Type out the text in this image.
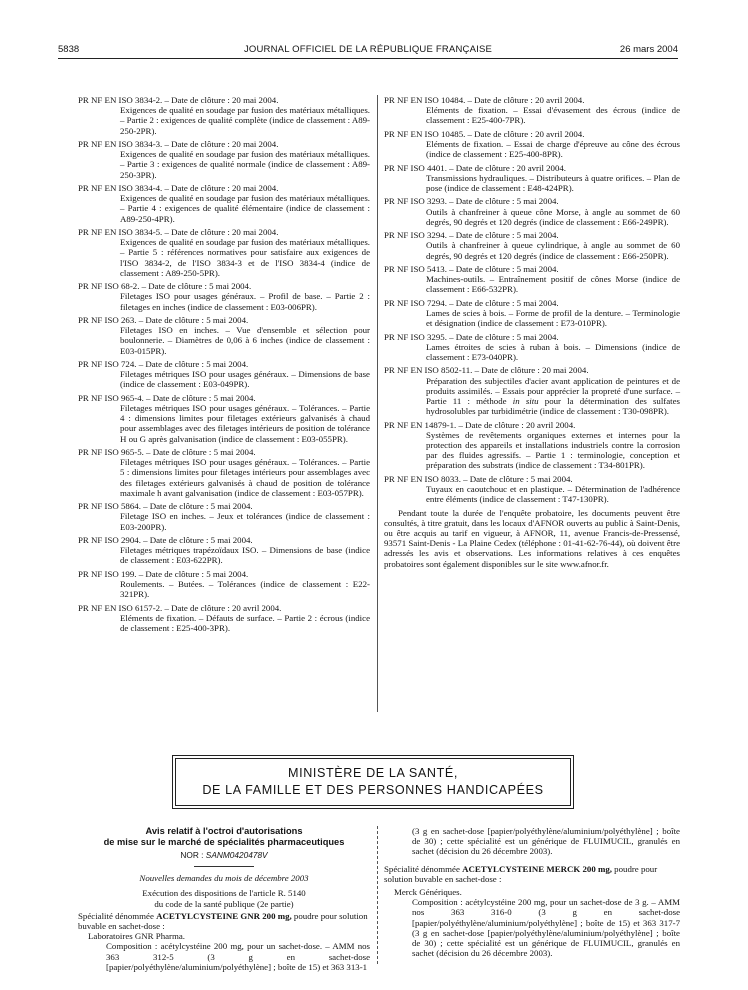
5838	JOURNAL OFFICIEL DE LA RÉPUBLIQUE FRANÇAISE	26 mars 2004
PR NF EN ISO 3834-2. – Date de clôture : 20 mai 2004.
Exigences de qualité en soudage par fusion des matériaux métalliques. – Partie 2 : exigences de qualité complète (indice de classement : A89-250-2PR).
PR NF EN ISO 3834-3. – Date de clôture : 20 mai 2004.
Exigences de qualité en soudage par fusion des matériaux métalliques. – Partie 3 : exigences de qualité normale (indice de classement : A89-250-3PR).
PR NF EN ISO 3834-4. – Date de clôture : 20 mai 2004.
Exigences de qualité en soudage par fusion des matériaux métalliques. – Partie 4 : exigences de qualité élémentaire (indice de classement : A89-250-4PR).
PR NF EN ISO 3834-5. – Date de clôture : 20 mai 2004.
Exigences de qualité en soudage par fusion des matériaux métalliques. – Partie 5 : références normatives pour satisfaire aux exigences de l'ISO 3834-2, de l'ISO 3834-3 et de l'ISO 3834-4 (indice de classement : A89-250-5PR).
PR NF ISO 68-2. – Date de clôture : 5 mai 2004.
Filetages ISO pour usages généraux. – Profil de base. – Partie 2 : filetages en inches (indice de classement : E03-006PR).
PR NF ISO 263. – Date de clôture : 5 mai 2004.
Filetages ISO en inches. – Vue d'ensemble et sélection pour boulonnerie. – Diamètres de 0,06 à 6 inches (indice de classement : E03-015PR).
PR NF ISO 724. – Date de clôture : 5 mai 2004.
Filetages métriques ISO pour usages généraux. – Dimensions de base (indice de classement : E03-049PR).
PR NF ISO 965-4. – Date de clôture : 5 mai 2004.
Filetages métriques ISO pour usages généraux. – Tolérances. – Partie 4 : dimensions limites pour filetages extérieurs galvanisés à chaud pour assemblages avec des filetages intérieurs de position de tolérance H ou G après galvanisation (indice de classement : E03-055PR).
PR NF ISO 965-5. – Date de clôture : 5 mai 2004.
Filetages métriques ISO pour usages généraux. – Tolérances. – Partie 5 : dimensions limites pour filetages intérieurs pour assemblages avec des filetages extérieurs galvanisés à chaud de position de tolérance maximale h avant galvanisation (indice de classement : E03-057PR).
PR NF ISO 5864. – Date de clôture : 5 mai 2004.
Filetage ISO en inches. – Jeux et tolérances (indice de classement : E03-200PR).
PR NF ISO 2904. – Date de clôture : 5 mai 2004.
Filetages métriques trapézoïdaux ISO. – Dimensions de base (indice de classement : E03-622PR).
PR NF ISO 199. – Date de clôture : 5 mai 2004.
Roulements. – Butées. – Tolérances (indice de classement : E22-321PR).
PR NF EN ISO 6157-2. – Date de clôture : 20 avril 2004.
Eléments de fixation. – Défauts de surface. – Partie 2 : écrous (indice de classement : E25-400-3PR).
PR NF EN ISO 10484. – Date de clôture : 20 avril 2004.
Eléments de fixation. – Essai d'évasement des écrous (indice de classement : E25-400-7PR).
PR NF EN ISO 10485. – Date de clôture : 20 avril 2004.
Eléments de fixation. – Essai de charge d'épreuve au cône des écrous (indice de classement : E25-400-8PR).
PR NF ISO 4401. – Date de clôture : 20 avril 2004.
Transmissions hydrauliques. – Distributeurs à quatre orifices. – Plan de pose (indice de classement : E48-424PR).
PR NF ISO 3293. – Date de clôture : 5 mai 2004.
Outils à chanfreiner à queue cône Morse, à angle au sommet de 60 degrés, 90 degrés et 120 degrés (indice de classement : E66-249PR).
PR NF ISO 3294. – Date de clôture : 5 mai 2004.
Outils à chanfreiner à queue cylindrique, à angle au sommet de 60 degrés, 90 degrés et 120 degrés (indice de classement : E66-250PR).
PR NF ISO 5413. – Date de clôture : 5 mai 2004.
Machines-outils. – Entraînement positif de cônes Morse (indice de classement : E66-532PR).
PR NF ISO 7294. – Date de clôture : 5 mai 2004.
Lames de scies à bois. – Forme de profil de la denture. – Terminologie et désignation (indice de classement : E73-010PR).
PR NF ISO 3295. – Date de clôture : 5 mai 2004.
Lames étroites de scies à ruban à bois. – Dimensions (indice de classement : E73-040PR).
PR NF EN ISO 8502-11. – Date de clôture : 20 mai 2004.
Préparation des subjectiles d'acier avant application de peintures et de produits assimilés. – Essais pour apprécier la propreté d'une surface. – Partie 11 : méthode in situ pour la détermination des sulfates hydrosolubles par turbidimétrie (indice de classement : T30-098PR).
PR NF EN 14879-1. – Date de clôture : 20 avril 2004.
Systèmes de revêtements organiques externes et internes pour la protection des appareils et installations industriels contre la corrosion par des fluides agressifs. – Partie 1 : terminologie, conception et préparation des substrats (indice de classement : T34-801PR).
PR NF EN ISO 8033. – Date de clôture : 5 mai 2004.
Tuyaux en caoutchouc et en plastique. – Détermination de l'adhérence entre éléments (indice de classement : T47-130PR).
Pendant toute la durée de l'enquête probatoire, les documents peuvent être consultés, à titre gratuit, dans les locaux d'AFNOR ouverts au public à Saint-Denis, ou être acquis au tarif en vigueur, à AFNOR, 11, avenue Francis-de-Pressensé, 93571 Saint-Denis - La Plaine Cedex (téléphone : 01-41-62-76-44), où doivent être adressés les avis et observations. Les informations relatives à ces enquêtes probatoires sont également disponibles sur le site www.afnor.fr.
MINISTÈRE DE LA SANTÉ,
DE LA FAMILLE ET DES PERSONNES HANDICAPÉES
Avis relatif à l'octroi d'autorisations
de mise sur le marché de spécialités pharmaceutiques
NOR : SANM0420478V
Nouvelles demandes du mois de décembre 2003
Exécution des dispositions de l'article R. 5140
du code de la santé publique (2e partie)
Spécialité dénommée ACETYLCYSTEINE GNR 200 mg, poudre pour solution buvable en sachet-dose :
Laboratoires GNR Pharma.
Composition : acétylcystéine 200 mg, pour un sachet-dose. – AMM nos 363 312-5 (3 g en sachet-dose [papier/polyéthylène/aluminium/polyéthylène] ; boîte de 15) et 363 313-1
(3 g en sachet-dose [papier/polyéthylène/aluminium/polyéthylène] ; boîte de 30) ; cette spécialité est un générique de FLUIMUCIL, granulés en sachet (décision du 26 décembre 2003).
Spécialité dénommée ACETYLCYSTEINE MERCK 200 mg, poudre pour solution buvable en sachet-dose :
Merck Génériques.
Composition : acétylcystéine 200 mg, pour un sachet-dose de 3 g. – AMM nos 363 316-0 (3 g en sachet-dose [papier/polyéthylène/aluminium/polyéthylène] ; boîte de 15) et 363 317-7 (3 g en sachet-dose [papier/polyéthylène/aluminium/polyéthylène] ; boîte de 30) ; cette spécialité est un générique de FLUIMUCIL, granulés en sachet (décision du 26 décembre 2003).
